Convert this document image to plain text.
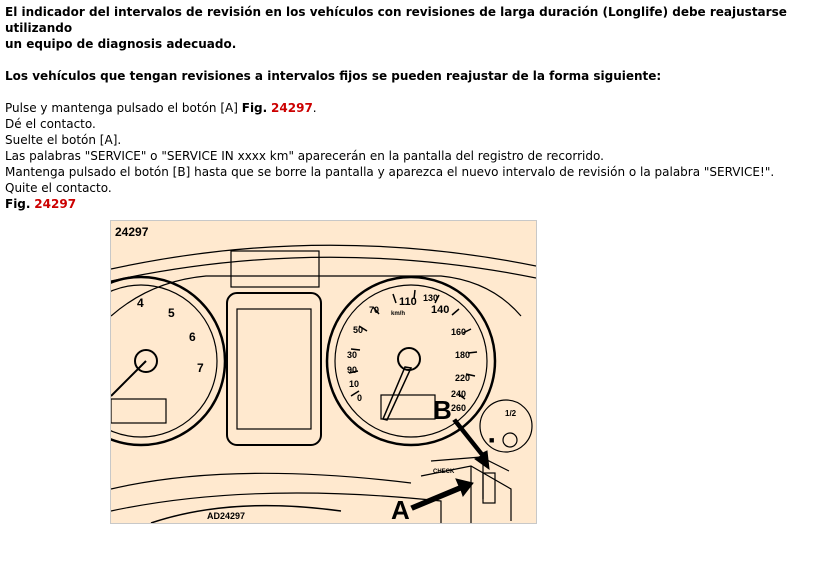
El indicador del intervalos de revisión en los vehículos con revisiones de larga duración (Longlife) debe reajustarse utilizando

un equipo de diagnosis adecuado.

Los vehículos que tengan revisiones a intervalos fijos se pueden reajustar de la forma siguiente:

Pulse y mantenga pulsado el botón [A] Fig. 24297.

Dé el contacto.

Suelte el botón [A].

Las palabras "SERVICE" o "SERVICE IN xxxx km" aparecerán en la pantalla del registro de recorrido.

Mantenga pulsado el botón [B] hasta que se borre la pantalla y aparezca el nuevo intervalo de revisión o la palabra "SERVICE!".

Quite el contacto.

Fig. 24297

24297
AD24297	A
B
CHECK
km/h
1/2
■
4
5
6
7
0
10
30
50
70
90
110 130
140
160
180
220
240
260
